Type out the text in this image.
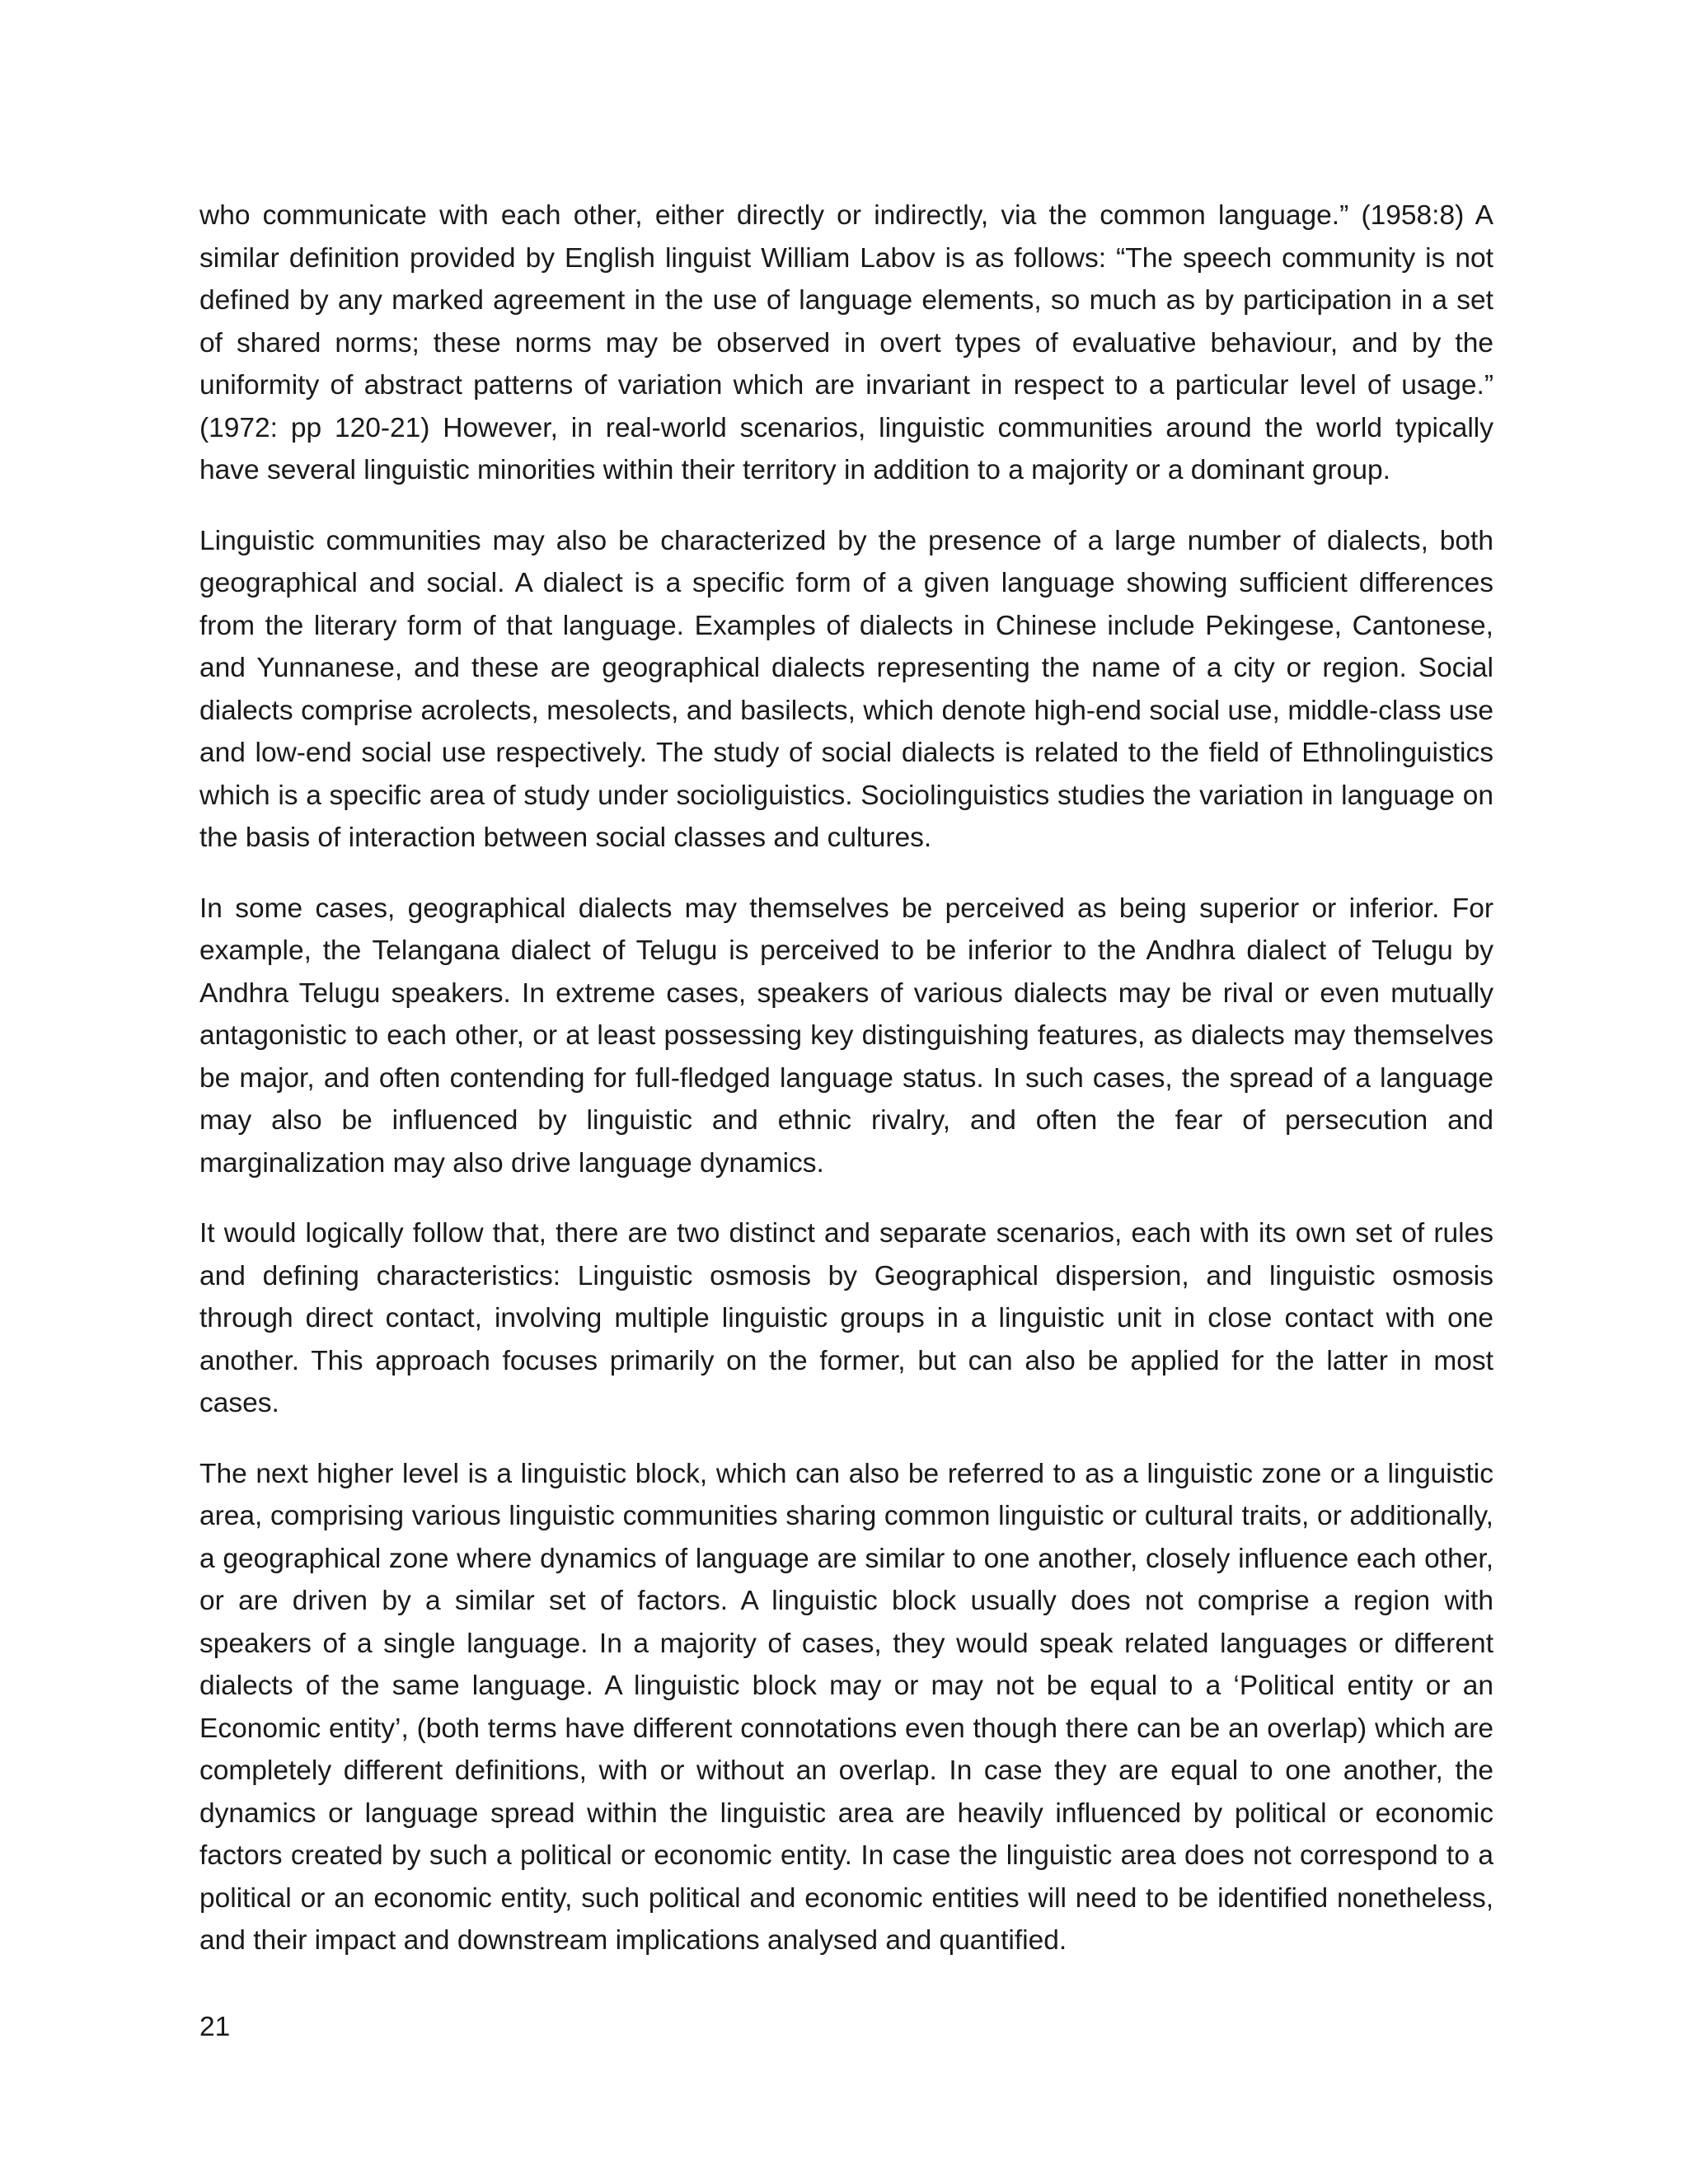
who communicate with each other, either directly or indirectly, via the common language.” (1958:8) A similar definition provided by English linguist William Labov is as follows: “The speech community is not defined by any marked agreement in the use of language elements, so much as by participation in a set of shared norms; these norms may be observed in overt types of evaluative behaviour, and by the uniformity of abstract patterns of variation which are invariant in respect to a particular level of usage.” (1972: pp 120-21) However, in real-world scenarios, linguistic communities around the world typically have several linguistic minorities within their territory in addition to a majority or a dominant group.

Linguistic communities may also be characterized by the presence of a large number of dialects, both geographical and social. A dialect is a specific form of a given language showing sufficient differences from the literary form of that language. Examples of dialects in Chinese include Pekingese, Cantonese, and Yunnanese, and these are geographical dialects representing the name of a city or region. Social dialects comprise acrolects, mesolects, and basilects, which denote high-end social use, middle-class use and low-end social use respectively. The study of social dialects is related to the field of Ethnolinguistics which is a specific area of study under socioliguistics. Sociolinguistics studies the variation in language on the basis of interaction between social classes and cultures.

In some cases, geographical dialects may themselves be perceived as being superior or inferior. For example, the Telangana dialect of Telugu is perceived to be inferior to the Andhra dialect of Telugu by Andhra Telugu speakers. In extreme cases, speakers of various dialects may be rival or even mutually antagonistic to each other, or at least possessing key distinguishing features, as dialects may themselves be major, and often contending for full-fledged language status. In such cases, the spread of a language may also be influenced by linguistic and ethnic rivalry, and often the fear of persecution and marginalization may also drive language dynamics.

It would logically follow that, there are two distinct and separate scenarios, each with its own set of rules and defining characteristics: Linguistic osmosis by Geographical dispersion, and linguistic osmosis through direct contact, involving multiple linguistic groups in a linguistic unit in close contact with one another. This approach focuses primarily on the former, but can also be applied for the latter in most cases.

The next higher level is a linguistic block, which can also be referred to as a linguistic zone or a linguistic area, comprising various linguistic communities sharing common linguistic or cultural traits, or additionally, a geographical zone where dynamics of language are similar to one another, closely influence each other, or are driven by a similar set of factors. A linguistic block usually does not comprise a region with speakers of a single language. In a majority of cases, they would speak related languages or different dialects of the same language. A linguistic block may or may not be equal to a ‘Political entity or an Economic entity’, (both terms have different connotations even though there can be an overlap) which are completely different definitions, with or without an overlap. In case they are equal to one another, the dynamics or language spread within the linguistic area are heavily influenced by political or economic factors created by such a political or economic entity. In case the linguistic area does not correspond to a political or an economic entity, such political and economic entities will need to be identified nonetheless, and their impact and downstream implications analysed and quantified.

21
